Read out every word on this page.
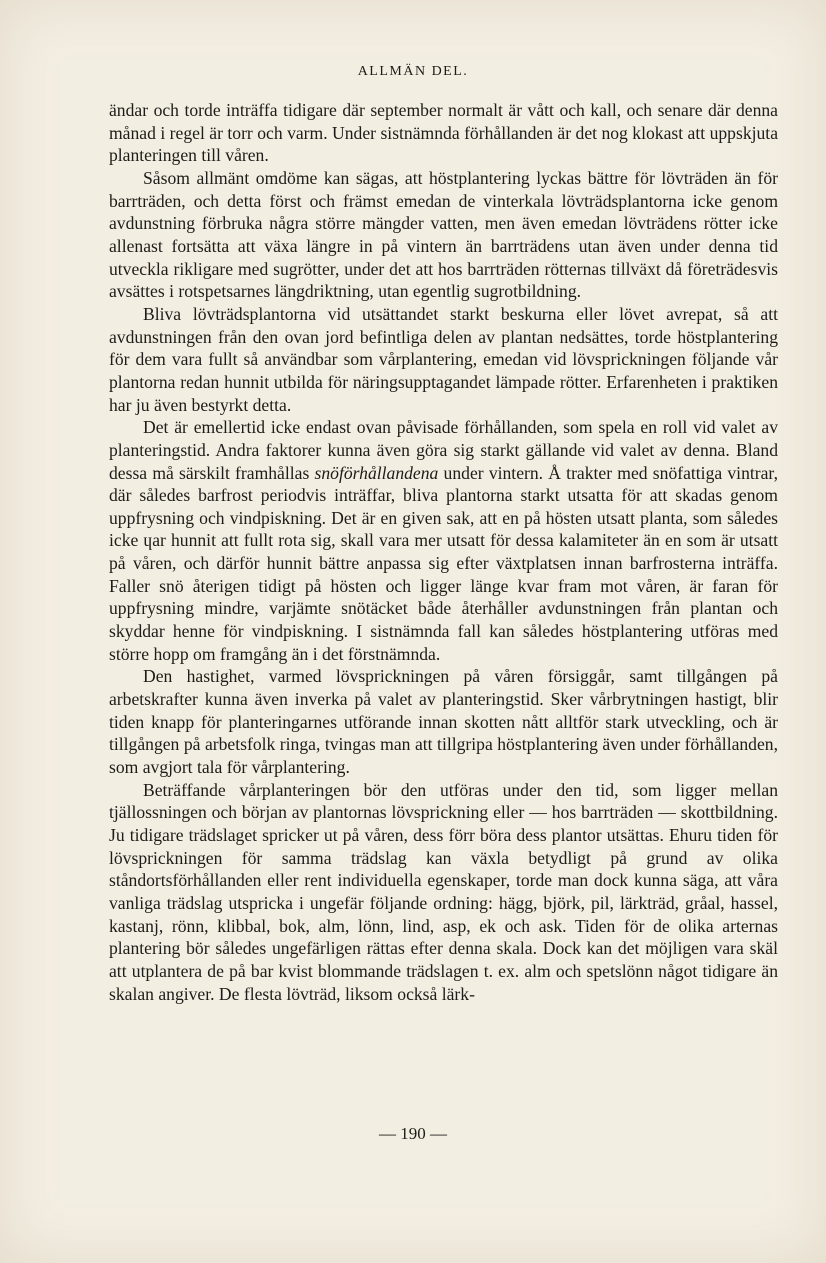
ALLMÄN DEL.

ändar och torde inträffa tidigare där september normalt är vått och kall, och senare där denna månad i regel är torr och varm. Under sistnämnda förhållanden är det nog klokast att uppskjuta planteringen till våren.

Såsom allmänt omdöme kan sägas, att höstplantering lyckas bättre för lövträden än för barrträden, och detta först och främst emedan de vinterkala lövträdsplantorna icke genom avdunstning förbruka några större mängder vatten, men även emedan lövträdens rötter icke allenast fortsätta att växa längre in på vintern än barrträdens utan även under denna tid utveckla rikligare med sugrötter, under det att hos barrträden rötternas tillväxt då företrädesvis avsättes i rotspetsarnes längdriktning, utan egentlig sugrotbildning.

Bliva lövträdsplantorna vid utsättandet starkt beskurna eller lövet avrepat, så att avdunstningen från den ovan jord befintliga delen av plantan nedsättes, torde höstplantering för dem vara fullt så användbar som vårplantering, emedan vid lövsprickningen följande vår plantorna redan hunnit utbilda för näringsupptagandet lämpade rötter. Erfarenheten i praktiken har ju även bestyrkt detta.

Det är emellertid icke endast ovan påvisade förhållanden, som spela en roll vid valet av planteringstid. Andra faktorer kunna även göra sig starkt gällande vid valet av denna. Bland dessa må särskilt framhållas snöförhållandena under vintern. Å trakter med snöfattiga vintrar, där således barfrost periodvis inträffar, bliva plantorna starkt utsatta för att skadas genom uppfrysning och vindpiskning. Det är en given sak, att en på hösten utsatt planta, som således icke ɥar hunnit att fullt rota sig, skall vara mer utsatt för dessa kalamiteter än en som är utsatt på våren, och därför hunnit bättre anpassa sig efter växtplatsen innan barfrosterna inträffa. Faller snö återigen tidigt på hösten och ligger länge kvar fram mot våren, är faran för uppfrysning mindre, varjämte snötäcket både återhåller avdunstningen från plantan och skyddar henne för vindpiskning. I sistnämnda fall kan således höstplantering utföras med större hopp om framgång än i det förstnämnda.

Den hastighet, varmed lövsprickningen på våren försiggår, samt tillgången på arbetskrafter kunna även inverka på valet av planteringstid. Sker vårbrytningen hastigt, blir tiden knapp för planteringarnes utförande innan skotten nått alltför stark utveckling, och är tillgången på arbetsfolk ringa, tvingas man att tillgripa höstplantering även under förhållanden, som avgjort tala för vårplantering.

Beträffande vårplanteringen bör den utföras under den tid, som ligger mellan tjällossningen och början av plantornas lövsprickning eller — hos barrträden — skottbildning. Ju tidigare trädslaget spricker ut på våren, dess förr böra dess plantor utsättas. Ehuru tiden för lövsprickningen för samma trädslag kan växla betydligt på grund av olika ståndortsförhållanden eller rent individuella egenskaper, torde man dock kunna säga, att våra vanliga trädslag utspricka i ungefär följande ordning: hägg, björk, pil, lärkträd, gråal, hassel, kastanj, rönn, klibbal, bok, alm, lönn, lind, asp, ek och ask. Tiden för de olika arternas plantering bör således ungefärligen rättas efter denna skala. Dock kan det möjligen vara skäl att utplantera de på bar kvist blommande trädslagen t. ex. alm och spetslönn något tidigare än skalan angiver. De flesta lövträd, liksom också lärk-

— 190 —
